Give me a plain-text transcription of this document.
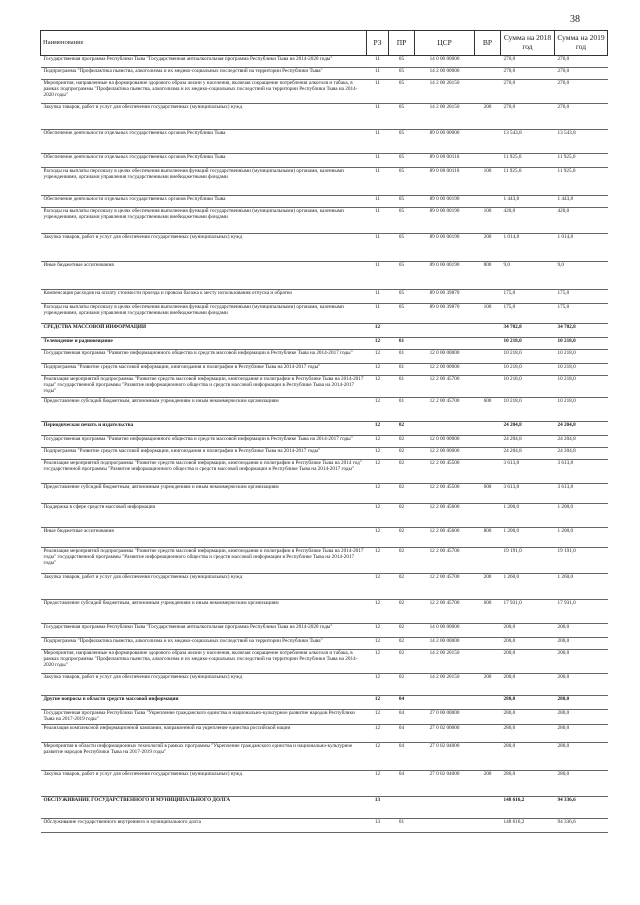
38
Наименование	РЗ	ПР	ЦСР	ВР	Сумма на 2018 год	Сумма на 2019 год
Государственная программа Республики Тыва "Государственная антиалкогольная программа Республики Тыва на 2014-2020 годы"	11	05	14 0 00 00000		270,0	270,0
Подпрограмма "Профилактика пьянства, алкоголизма и их медико-социальных последствий на территории Республики Тыва"	11	05	14 2 00 00000		270,0	270,0
Мероприятия, направленные на формирование здорового образа жизни у населения, включая сокращение потребления алкоголя и табака, в рамках подпрограммы "Профилактика пьянства, алкоголизма и их медико-социальных последствий на территории Республики Тыва на 2014-2020 годы"	11	05	14 2 00 20150		270,0	270,0
Закупка товаров, работ и услуг для обеспечения государственных (муниципальных) нужд	11	05	14 2 00 20150	200	270,0	270,0
Обеспечение деятельности отдельных государственных органов Республики Тыва	11	05	89 0 00 00000		13 543,8	13 543,8
Обеспечение деятельности отдельных государственных органов Республики Тыва	11	05	89 0 00 00110		11 925,0	11 925,0
Расходы на выплаты персоналу в целях обеспечения выполнения функций государственными (муниципальными) органами, казенными учреждениями, органами управления государственными внебюджетными фондами	11	05	89 0 00 00110	100	11 925,0	11 925,0
Обеспечение деятельности отдельных государственных органов Республики Тыва	11	05	89 0 00 00190		1 443,8	1 443,8
Расходы на выплаты персоналу в целях обеспечения выполнения функций государственными (муниципальными) органами, казенными учреждениями, органами управления государственными внебюджетными фондами	11	05	89 0 00 00190	100	420,0	420,0
Закупка товаров, работ и услуг для обеспечения государственных (муниципальных) нужд	11	05	89 0 00 00190	200	1 014,8	1 014,8
Иные бюджетные ассигнования	11	05	89 0 00 00190	800	9,0	9,0
Компенсация расходов на оплату стоимости проезда и провоза багажа к месту использования отпуска и обратно	11	05	89 0 00 39870		175,0	175,0
Расходы на выплаты персоналу в целях обеспечения выполнения функций государственными (муниципальными) органами, казенными учреждениями, органами управления государственными внебюджетными фондами	11	05	89 0 00 39870	100	175,0	175,0
СРЕДСТВА МАССОВОЙ ИНФОРМАЦИИ	12				34 702,8	34 702,8
Телевидение и радиовещание	12	01			10 218,0	10 218,0
Государственная программа "Развитие информационного общества и средств массовой информации в Республике Тыва на 2014-2017 годы"	12	01	12 0 00 00000		10 218,0	10 218,0
Подпрограмма "Развитие средств массовой информации, книгоиздания и полиграфии в Республике Тыва на 2014-2017 годы"	12	01	12 2 00 00000		10 218,0	10 218,0
Реализация мероприятий подпрограммы "Развитие средств массовой информации, книгоиздания и полиграфии в Республике Тыва на 2014-2017 годы" государственной программы "Развитие информационного общества и средств массовой информации в Республике Тыва на 2014-2017 годы"	12	01	12 2 00 45700		10 218,0	10 218,0
Предоставление субсидий бюджетным, автономным учреждениям и иным некоммерческим организациям	12	01	12 2 00 45700	600	10 218,0	10 218,0
Периодическая печать и издательства	12	02			24 204,8	24 204,8
Государственная программа "Развитие информационного общества и средств массовой информации в Республике Тыва на 2014-2017 годы"	12	02	12 0 00 00000		24 204,8	24 204,8
Подпрограмма "Развитие средств массовой информации, книгоиздания и полиграфии в Республике Тыва на 2014-2017 годы"	12	02	12 2 00 00000		24 204,8	24 204,8
Реализация мероприятий подпрограммы "Развитие средств массовой информации, книгоиздания и полиграфии в Республике Тыва на 2014 год" государственной программы "Развитие информационного общества и средств массовой информации в Республике Тыва на 2014-2017 годы"	12	02	12 2 00 45500		3 613,8	3 613,8
Предоставление субсидий бюджетным, автономным учреждениям и иным некоммерческим организациям	12	02	12 2 00 45500	600	3 613,8	3 613,8
Поддержка в сфере средств массовой информации	12	02	12 2 00 45600		1 200,0	1 200,0
Иные бюджетные ассигнования	12	02	12 2 00 45600	800	1 200,0	1 200,0
Реализация мероприятий подпрограммы "Развитие средств массовой информации, книгоиздания и полиграфии в Республике Тыва на 2014-2017 годы" государственной программы "Развитие информационного общества и средств массовой информации в Республике Тыва на 2014-2017 годы"	12	02	12 2 00 45700		19 191,0	19 191,0
Закупка товаров, работ и услуг для обеспечения государственных (муниципальных) нужд	12	02	12 2 00 45700	200	1 260,0	1 260,0
Предоставление субсидий бюджетным, автономным учреждениям и иным некоммерческим организациям	12	02	12 2 00 45700	600	17 931,0	17 931,0
Государственная программа Республики Тыва "Государственная антиалкогольная программа Республики Тыва на 2014-2020 годы"	12	02	14 0 00 00000		200,0	200,0
Подпрограмма "Профилактика пьянства, алкоголизма и их медико-социальных последствий на территории Республики Тыва"	12	02	14 2 00 00000		200,0	200,0
Мероприятия, направленные на формирование здорового образа жизни у населения, включая сокращение потребления алкоголя и табака, в рамках подпрограммы "Профилактика пьянства, алкоголизма и их медико-социальных последствий на территории Республики Тыва на 2014-2020 годы"	12	02	14 2 00 20150		200,0	200,0
Закупка товаров, работ и услуг для обеспечения государственных (муниципальных) нужд	12	02	14 2 00 20150	200	200,0	200,0
Другие вопросы в области средств массовой информации	12	04			280,0	280,0
Государственная программа Республики Тыва "Укрепление гражданского единства и национально-культурное развитие народов Республики Тыва на 2017-2019 годы"	12	04	27 0 00 00000		280,0	280,0
Реализация комплексной информационной кампании, направленной на укрепление единства российской нации	12	04	27 0 02 00000		280,0	280,0
Мероприятия в области информационных технологий в рамках программы "Укрепление гражданского единства и национально-культурное развитие народов Республики Тыва на 2017-2019 годы"	12	04	27 0 02 04000		280,0	280,0
Закупка товаров, работ и услуг для обеспечения государственных (муниципальных) нужд	12	04	27 0 02 04000	200	280,0	280,0
ОБСЛУЖИВАНИЕ ГОСУДАРСТВЕННОГО И МУНИЦИПАЛЬНОГО ДОЛГА	13				148 616,2	94 336,6
Обслуживание государственного внутреннего и муниципального долга	13	01			148 616,2	94 336,6
